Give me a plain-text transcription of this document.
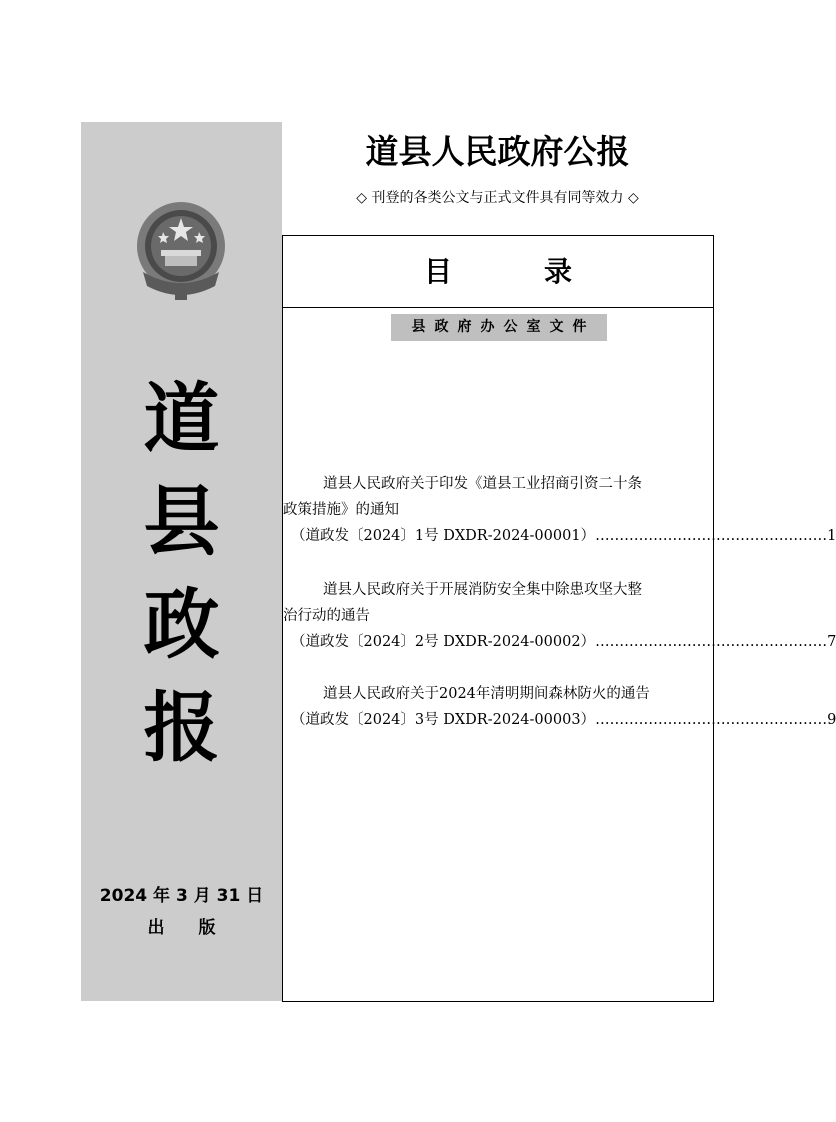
道
县
政
报
2024 年 3 月 31 日
出版
道县人民政府公报
◇ 刊登的各类公文与正式文件具有同等效力 ◇
目录
县政府办公室文件
道县人民政府关于印发《道县工业招商引资二十条
政策措施》的通知
（道政发〔2024〕1号 DXDR-2024-00001） ………………………………………… 1
道县人民政府关于开展消防安全集中除患攻坚大整
治行动的通告
（道政发〔2024〕2号 DXDR-2024-00002） ………………………………………… 7
道县人民政府关于2024年清明期间森林防火的通告
（道政发〔2024〕3号 DXDR-2024-00003） ………………………………………… 9
